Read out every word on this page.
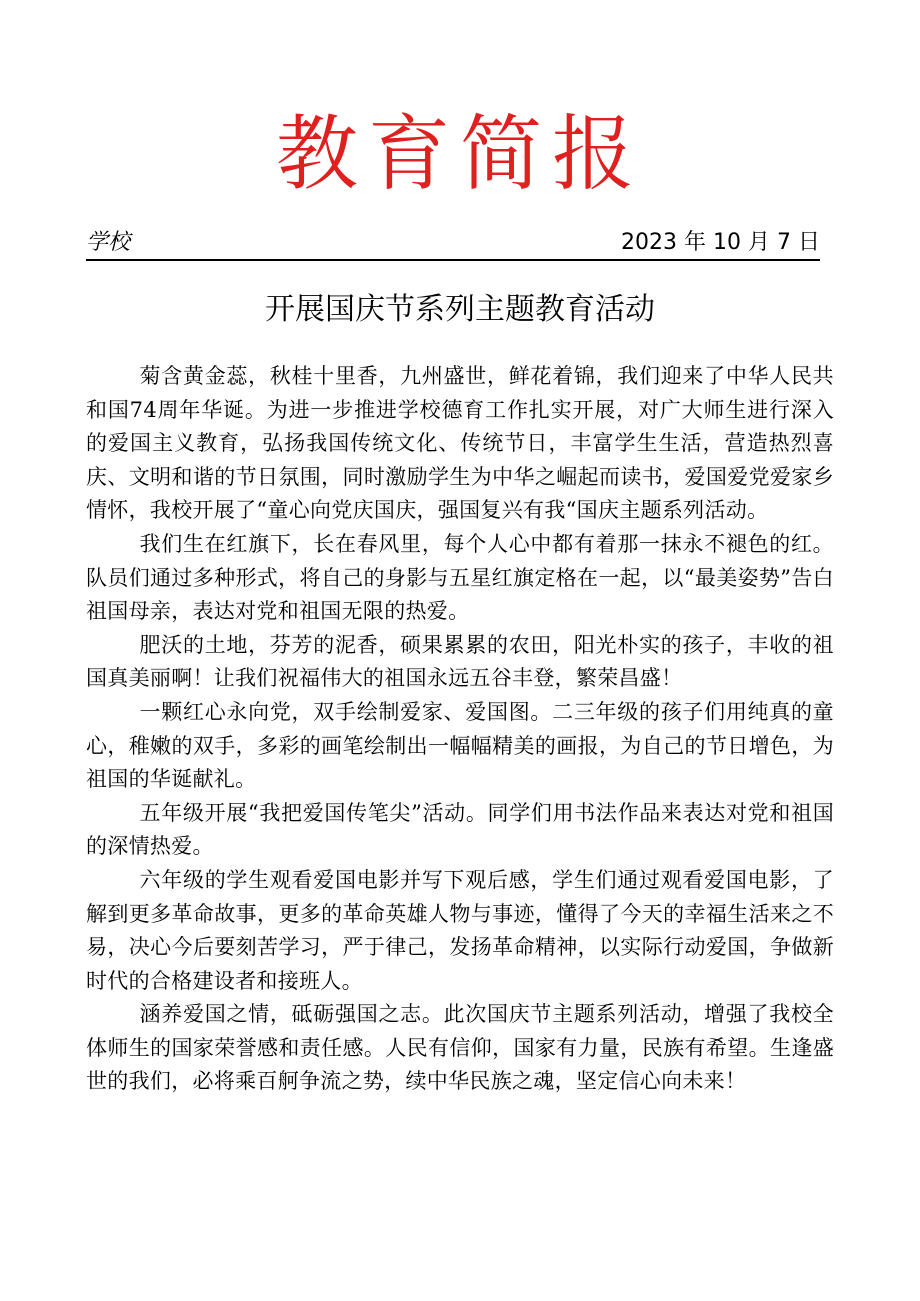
教育简报
学校	2023 年 10 月 7 日
开展国庆节系列主题教育活动

菊含黄金蕊，秋桂十里香，九州盛世，鲜花着锦，我们迎来了中华人民共和国74周年华诞。为进一步推进学校德育工作扎实开展，对广大师生进行深入的爱国主义教育，弘扬我国传统文化、传统节日，丰富学生生活，营造热烈喜庆、文明和谐的节日氛围，同时激励学生为中华之崛起而读书，爱国爱党爱家乡情怀，我校开展了“童心向党庆国庆，强国复兴有我“国庆主题系列活动。

我们生在红旗下，长在春风里，每个人心中都有着那一抹永不褪色的红。队员们通过多种形式，将自己的身影与五星红旗定格在一起，以“最美姿势”告白祖国母亲，表达对党和祖国无限的热爱。

肥沃的土地，芬芳的泥香，硕果累累的农田，阳光朴实的孩子，丰收的祖国真美丽啊！让我们祝福伟大的祖国永远五谷丰登，繁荣昌盛！

一颗红心永向党，双手绘制爱家、爱国图。二三年级的孩子们用纯真的童心，稚嫩的双手，多彩的画笔绘制出一幅幅精美的画报，为自己的节日增色，为祖国的华诞献礼。

五年级开展“我把爱国传笔尖”活动。同学们用书法作品来表达对党和祖国的深情热爱。

六年级的学生观看爱国电影并写下观后感，学生们通过观看爱国电影，了解到更多革命故事，更多的革命英雄人物与事迹，懂得了今天的幸福生活来之不易，决心今后要刻苦学习，严于律己，发扬革命精神，以实际行动爱国，争做新时代的合格建设者和接班人。

涵养爱国之情，砥砺强国之志。此次国庆节主题系列活动，增强了我校全体师生的国家荣誉感和责任感。人民有信仰，国家有力量，民族有希望。生逢盛世的我们，必将乘百舸争流之势，续中华民族之魂，坚定信心向未来！
